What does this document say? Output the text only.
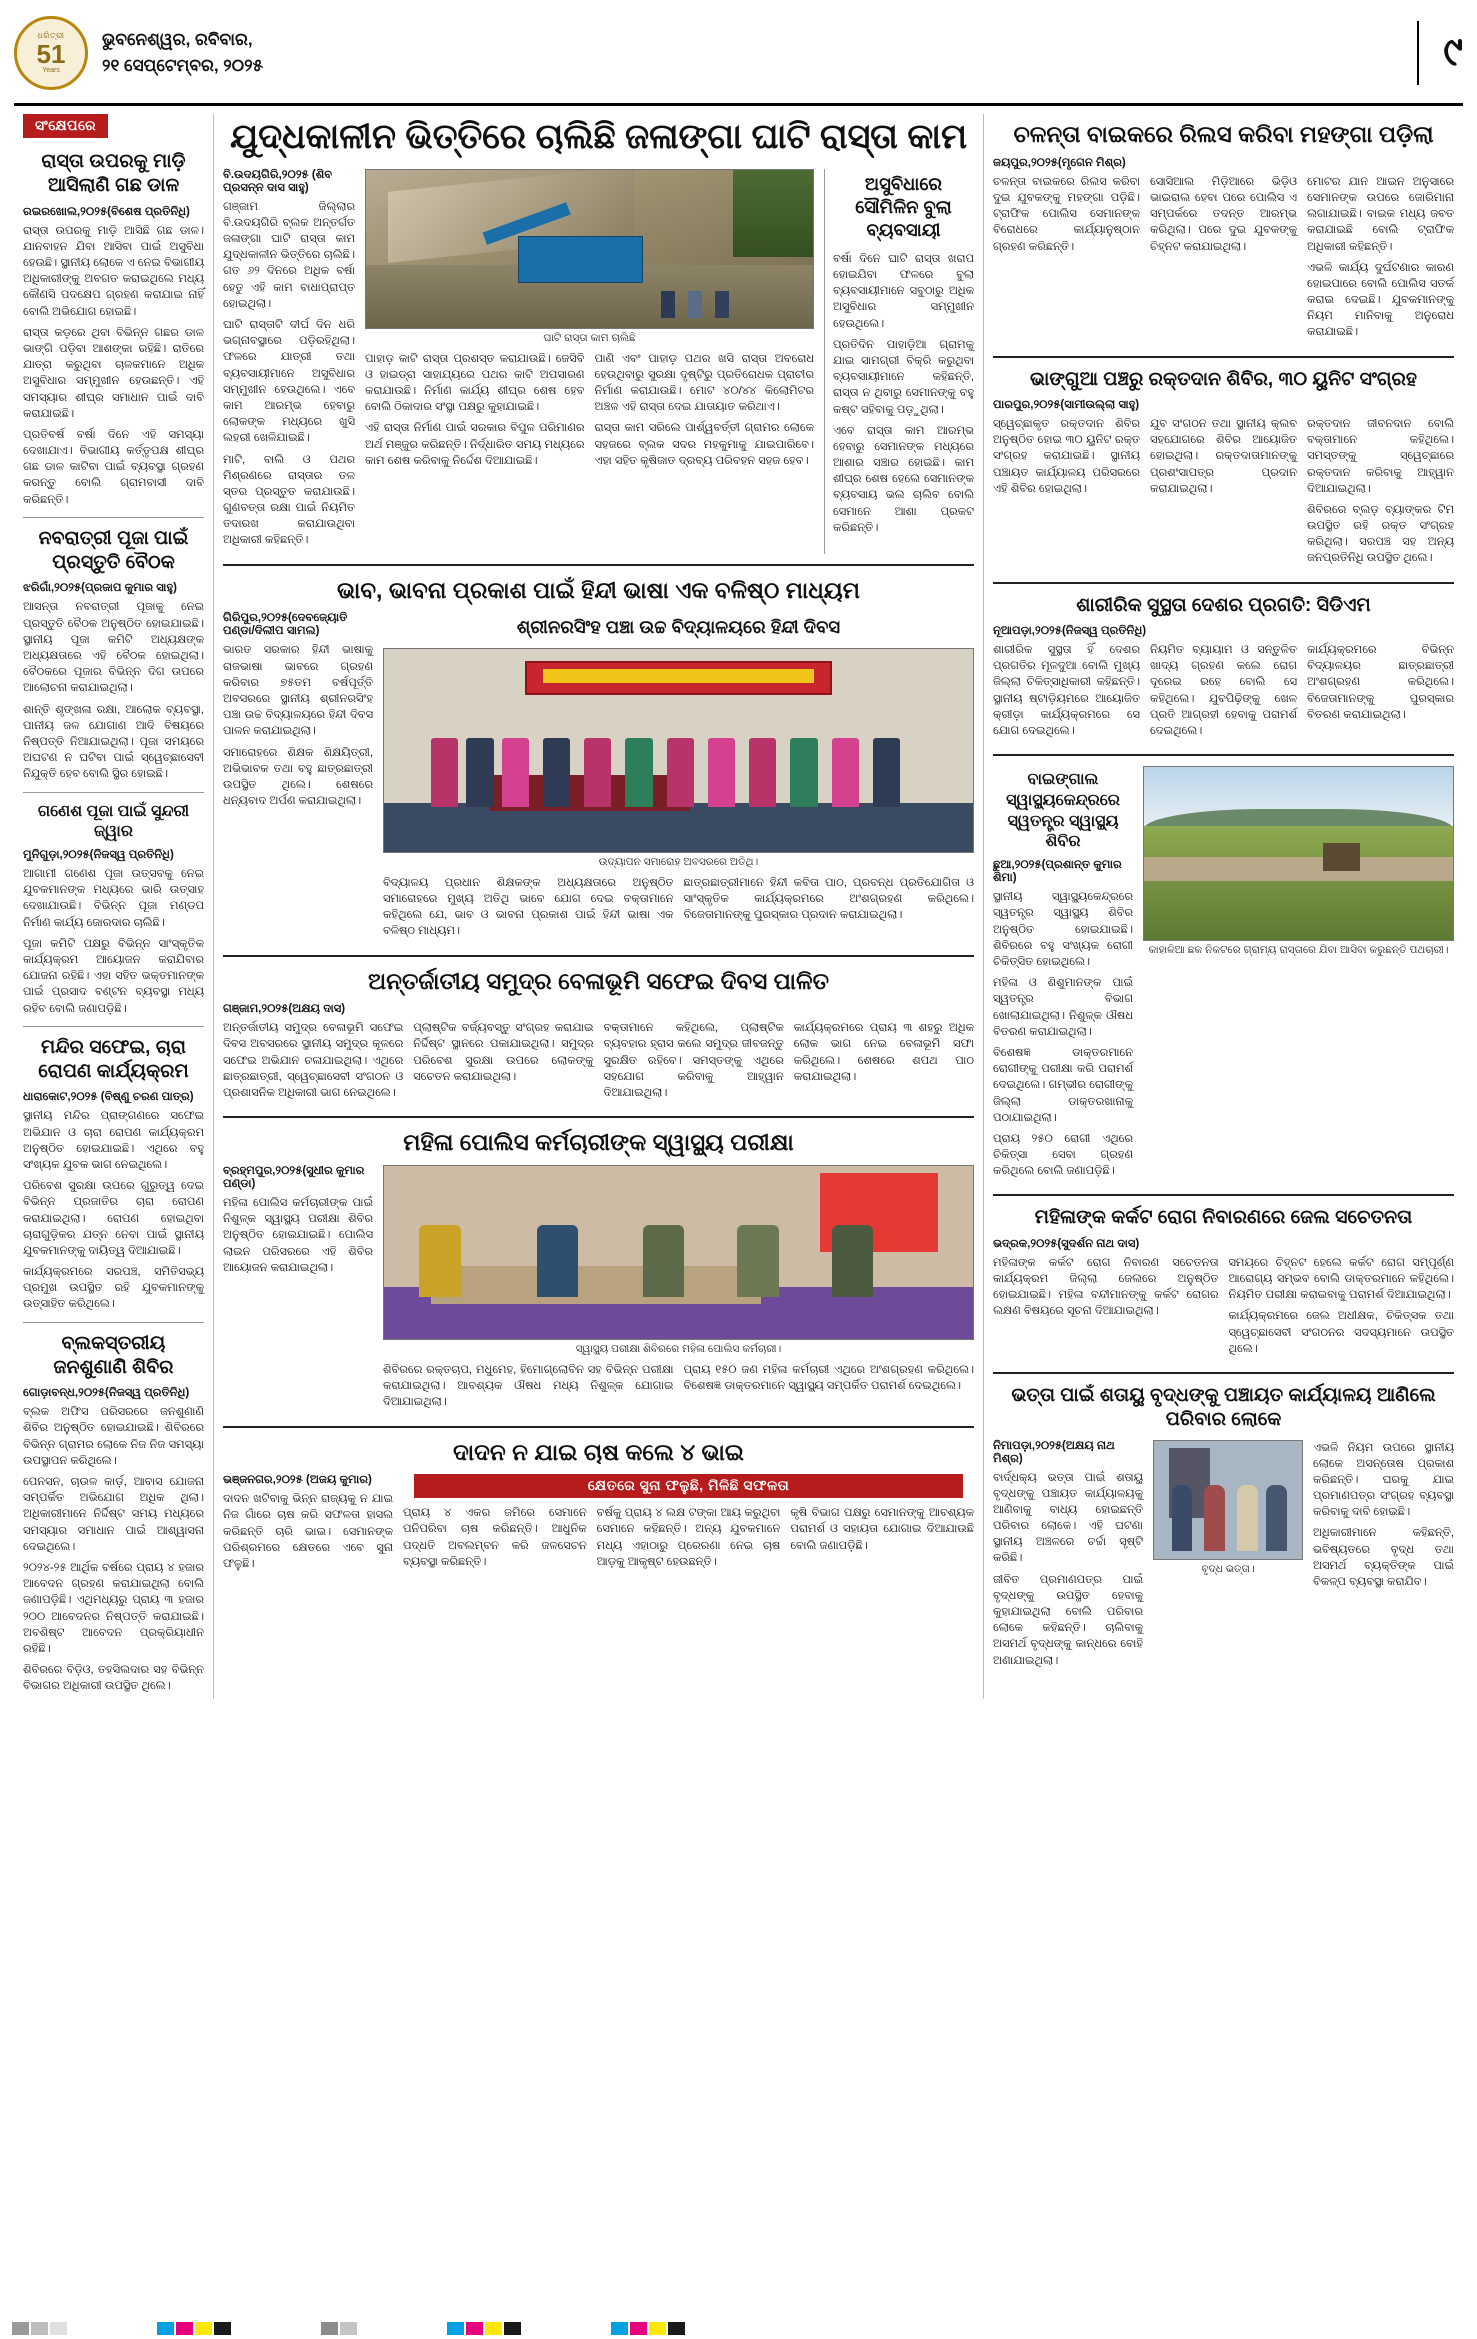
ଧରିତ୍ରୀ
51
Years
ଭୁବନେଶ୍ୱର, ରବିବାର,
୨୧ ସେପ୍ଟେମ୍ବର, ୨୦୨୫	୯
ସଂକ୍ଷେପରେ
ରାସ୍ତା ଉପରକୁ ମାଡ଼ି ଆସିଲାଣି ଗଛ ଡାଳ
ରଇରଖୋଲ,୨୦୨୫(ବିଶେଷ ପ୍ରତିନିଧି)

ରାସ୍ତା ଉପରକୁ ମାଡ଼ି ଆସିଛି ଗଛ ଡାଳ। ଯାନବାହନ ଯିବା ଆସିବା ପାଇଁ ଅସୁବିଧା ହେଉଛି। ସ୍ଥାନୀୟ ଲୋକେ ଏ ନେଇ ବିଭାଗୀୟ ଅଧିକାରୀଙ୍କୁ ଅବଗତ କରାଇଥିଲେ ମଧ୍ୟ କୌଣସି ପଦକ୍ଷେପ ଗ୍ରହଣ କରାଯାଇ ନାହିଁ ବୋଲି ଅଭିଯୋଗ ହୋଇଛି।

ରାସ୍ତା କଡ଼ରେ ଥିବା ବିଭିନ୍ନ ଗଛର ଡାଳ ଭାଙ୍ଗି ପଡ଼ିବା ଆଶଙ୍କା ରହିଛି। ରାତିରେ ଯାତ୍ରା କରୁଥିବା ଚାଳକମାନେ ଅଧିକ ଅସୁବିଧାର ସମ୍ମୁଖୀନ ହେଉଛନ୍ତି। ଏହି ସମସ୍ୟାର ଶୀଘ୍ର ସମାଧାନ ପାଇଁ ଦାବି କରାଯାଇଛି।

ପ୍ରତିବର୍ଷ ବର୍ଷା ଦିନେ ଏହି ସମସ୍ୟା ଦେଖାଯାଏ। ବିଭାଗୀୟ କର୍ତ୍ତୃପକ୍ଷ ଶୀଘ୍ର ଗଛ ଡାଳ କାଟିବା ପାଇଁ ବ୍ୟବସ୍ଥା ଗ୍ରହଣ କରନ୍ତୁ ବୋଲି ଗ୍ରାମବାସୀ ଦାବି କରିଛନ୍ତି।

ନବରାତ୍ରୀ ପୂଜା ପାଇଁ ପ୍ରସ୍ତୁତି ବୈଠକ
ଝରିଗାଁ,୨୦୨୫(ପ୍ରଜାପ କୁମାର ସାହୁ)

ଆସନ୍ତା ନବରାତ୍ରୀ ପୂଜାକୁ ନେଇ ପ୍ରସ୍ତୁତି ବୈଠକ ଅନୁଷ୍ଠିତ ହୋଇଯାଇଛି। ସ୍ଥାନୀୟ ପୂଜା କମିଟି ଅଧ୍ୟକ୍ଷଙ୍କ ଅଧ୍ୟକ୍ଷତାରେ ଏହି ବୈଠକ ହୋଇଥିଲା। ବୈଠକରେ ପୂଜାର ବିଭିନ୍ନ ଦିଗ ଉପରେ ଆଲୋଚନା କରାଯାଇଥିଲା।

ଶାନ୍ତି ଶୃଙ୍ଖଳା ରକ୍ଷା, ଆଲୋକ ବ୍ୟବସ୍ଥା, ପାନୀୟ ଜଳ ଯୋଗାଣ ଆଦି ବିଷୟରେ ନିଷ୍ପତ୍ତି ନିଆଯାଇଥିଲା। ପୂଜା ସମୟରେ ଅଘଟଣ ନ ଘଟିବା ପାଇଁ ସ୍ୱେଚ୍ଛାସେବୀ ନିଯୁକ୍ତି ହେବ ବୋଲି ସ୍ଥିର ହୋଇଛି।

ଗଣେଶ ପୂଜା ପାଇଁ ସୁନ୍ଦରୀ ଜ୍ୱାର
ମୁନିଗୁଡ଼ା,୨୦୨୫(ନିଜସ୍ୱ ପ୍ରତିନିଧି)

ଆଗାମୀ ଗଣେଶ ପୂଜା ଉତ୍ସବକୁ ନେଇ ଯୁବକମାନଙ୍କ ମଧ୍ୟରେ ଭାରି ଉତ୍ସାହ ଦେଖାଯାଉଛି। ବିଭିନ୍ନ ପୂଜା ମଣ୍ଡପ ନିର୍ମାଣ କାର୍ଯ୍ୟ ଜୋରଦାର ଚାଲିଛି।

ପୂଜା କମିଟି ପକ୍ଷରୁ ବିଭିନ୍ନ ସାଂସ୍କୃତିକ କାର୍ଯ୍ୟକ୍ରମ ଆୟୋଜନ କରାଯିବାର ଯୋଜନା ରହିଛି। ଏହା ସହିତ ଭକ୍ତମାନଙ୍କ ପାଇଁ ପ୍ରସାଦ ବଣ୍ଟନ ବ୍ୟବସ୍ଥା ମଧ୍ୟ ରହିବ ବୋଲି ଜଣାପଡ଼ିଛି।

ମନ୍ଦିର ସଫେଇ, ଚାରା ରୋପଣ କାର୍ଯ୍ୟକ୍ରମ
ଧାରାକୋଟ,୨୦୨୫ (ବିଷ୍ଣୁ ଚରଣ ପାତ୍ର)

ସ୍ଥାନୀୟ ମନ୍ଦିର ପ୍ରାଙ୍ଗଣରେ ସଫେଇ ଅଭିଯାନ ଓ ଚାରା ରୋପଣ କାର୍ଯ୍ୟକ୍ରମ ଅନୁଷ୍ଠିତ ହୋଇଯାଇଛି। ଏଥିରେ ବହୁ ସଂଖ୍ୟକ ଯୁବକ ଭାଗ ନେଇଥିଲେ।

ପରିବେଶ ସୁରକ୍ଷା ଉପରେ ଗୁରୁତ୍ୱ ଦେଇ ବିଭିନ୍ନ ପ୍ରଜାତିର ଚାରା ରୋପଣ କରାଯାଇଥିଲା। ରୋପଣ ହୋଇଥିବା ଚାରାଗୁଡ଼ିକର ଯତ୍ନ ନେବା ପାଇଁ ସ୍ଥାନୀୟ ଯୁବକମାନଙ୍କୁ ଦାୟିତ୍ୱ ଦିଆଯାଇଛି।

କାର୍ଯ୍ୟକ୍ରମରେ ସରପଞ୍ଚ, ସମିତିସଭ୍ୟ ପ୍ରମୁଖ ଉପସ୍ଥିତ ରହି ଯୁବକମାନଙ୍କୁ ଉତ୍ସାହିତ କରିଥିଲେ।

ବ୍ଲକସ୍ତରୀୟ ଜନଶୁଣାଣି ଶିବିର
ଗୋଡ଼ାବନ୍ଧ,୨୦୨୫(ନିଜସ୍ୱ ପ୍ରତିନିଧି)

ବ୍ଲକ ଅଫିସ ପରିସରରେ ଜନଶୁଣାଣି ଶିବିର ଅନୁଷ୍ଠିତ ହୋଇଯାଇଛି। ଶିବିରରେ ବିଭିନ୍ନ ଗ୍ରାମର ଲୋକେ ନିଜ ନିଜ ସମସ୍ୟା ଉପସ୍ଥାପନ କରିଥିଲେ।

ପେନସନ, ଚାଉଳ କାର୍ଡ଼, ଆବାସ ଯୋଜନା ସମ୍ପର୍କିତ ଅଭିଯୋଗ ଅଧିକ ଥିଲା। ଅଧିକାରୀମାନେ ନିର୍ଦ୍ଦିଷ୍ଟ ସମୟ ମଧ୍ୟରେ ସମସ୍ୟାର ସମାଧାନ ପାଇଁ ଆଶ୍ୱାସନା ଦେଇଥିଲେ।

୨୦୨୪-୨୫ ଆର୍ଥିକ ବର୍ଷରେ ପ୍ରାୟ ୪ ହଜାର ଆବେଦନ ଗ୍ରହଣ କରାଯାଇଥିଲା ବୋଲି ଜଣାପଡ଼ିଛି। ଏଥିମଧ୍ୟରୁ ପ୍ରାୟ ୩ ହଜାର ୨୦୦ ଆବେଦନର ନିଷ୍ପତ୍ତି କରାଯାଇଛି। ଅବଶିଷ୍ଟ ଆବେଦନ ପ୍ରକ୍ରିୟାଧୀନ ରହିଛି।

ଶିବିରରେ ବିଡ଼ିଓ, ତହସିଲଦାର ସହ ବିଭିନ୍ନ ବିଭାଗର ଅଧିକାରୀ ଉପସ୍ଥିତ ଥିଲେ।

ଯୁଦ୍ଧକାଳୀନ ଭିତ୍ତିରେ ଚାଲିଛି ଜଳାଙ୍ଗା ଘାଟି ରାସ୍ତା କାମ
ବି.ଉଦୟଗିରି,୨୦୨୫ (ଶିବ ପ୍ରସନ୍ନ ଦାସ ସାହୁ)

ଗଞ୍ଜାମ ଜିଲ୍ଲାର ବି.ଉଦୟଗିରି ବ୍ଲକ ଅନ୍ତର୍ଗତ ଜଳାଙ୍ଗା ଘାଟି ରାସ୍ତା କାମ ଯୁଦ୍ଧକାଳୀନ ଭିତ୍ତିରେ ଚାଲିଛି। ଗତ ୬୨ ଦିନରେ ଅଧିକ ବର୍ଷା ହେତୁ ଏହି କାମ ବାଧାପ୍ରାପ୍ତ ହୋଇଥିଲା।

ଘାଟି ରାସ୍ତାଟି ଦୀର୍ଘ ଦିନ ଧରି ଭଗ୍ନାବସ୍ଥାରେ ପଡ଼ିରହିଥିଲା। ଫଳରେ ଯାତ୍ରୀ ତଥା ବ୍ୟବସାୟୀମାନେ ଅସୁବିଧାର ସମ୍ମୁଖୀନ ହେଉଥିଲେ। ଏବେ କାମ ଆରମ୍ଭ ହେବାରୁ ଲୋକଙ୍କ ମଧ୍ୟରେ ଖୁସି ଲହରୀ ଖେଳିଯାଇଛି।

ମାଟି, ବାଲି ଓ ପଥର ମିଶ୍ରଣରେ ରାସ୍ତାର ତଳ ସ୍ତର ପ୍ରସ୍ତୁତ କରାଯାଉଛି। ଗୁଣବତ୍ତା ରକ୍ଷା ପାଇଁ ନିୟମିତ ତଦାରଖ କରାଯାଉଥିବା ଅଧିକାରୀ କହିଛନ୍ତି।

ଘାଟି ରାସ୍ତା କାମ ଚାଲିଛି

ପାହାଡ଼ କାଟି ରାସ୍ତା ପ୍ରଶସ୍ତ କରାଯାଉଛି। ଜେସିବି ଓ ହାଇଡ୍ରା ସାହାଯ୍ୟରେ ପଥର କାଟି ଅପସାରଣ କରାଯାଉଛି। ନିର୍ମାଣ କାର୍ଯ୍ୟ ଶୀଘ୍ର ଶେଷ ହେବ ବୋଲି ଠିକାଦାର ସଂସ୍ଥା ପକ୍ଷରୁ କୁହାଯାଇଛି।

ଏହି ରାସ୍ତା ନିର୍ମାଣ ପାଇଁ ସରକାର ବିପୁଳ ପରିମାଣର ଅର୍ଥ ମଞ୍ଜୁର କରିଛନ୍ତି। ନିର୍ଦ୍ଧାରିତ ସମୟ ମଧ୍ୟରେ କାମ ଶେଷ କରିବାକୁ ନିର୍ଦ୍ଦେଶ ଦିଆଯାଇଛି।

ପାଣି ଏବଂ ପାହାଡ଼ ପଥର ଖସି ରାସ୍ତା ଅବରୋଧ ହେଉଥିବାରୁ ସୁରକ୍ଷା ଦୃଷ୍ଟିରୁ ପ୍ରତିରୋଧକ ପ୍ରାଚୀର ନିର୍ମାଣ କରାଯାଉଛି। ମୋଟ ୪୦/୪୪ କିଲୋମିଟର ଅଞ୍ଚଳ ଏହି ରାସ୍ତା ଦେଇ ଯାତାୟାତ କରିଥାଏ।

ରାସ୍ତା କାମ ସରିଲେ ପାର୍ଶ୍ୱବର୍ତ୍ତୀ ଗ୍ରାମର ଲୋକେ ସହଜରେ ବ୍ଲକ ସଦର ମହକୁମାକୁ ଯାଇପାରିବେ। ଏହା ସହିତ କୃଷିଜାତ ଦ୍ରବ୍ୟ ପରିବହନ ସହଜ ହେବ।

ଅସୁବିଧାରେ ସୌମିଳିନ ବୁଲା ବ୍ୟବସାୟୀ

ବର୍ଷା ଦିନେ ଘାଟି ରାସ୍ତା ଖରାପ ହୋଇଯିବା ଫଳରେ ବୁଲା ବ୍ୟବସାୟୀମାନେ ସବୁଠାରୁ ଅଧିକ ଅସୁବିଧାର ସମ୍ମୁଖୀନ ହେଉଥିଲେ।

ପ୍ରତିଦିନ ପାହାଡ଼ିଆ ଗ୍ରାମକୁ ଯାଇ ସାମଗ୍ରୀ ବିକ୍ରି କରୁଥିବା ବ୍ୟବସାୟୀମାନେ କହିଛନ୍ତି, ରାସ୍ତା ନ ଥିବାରୁ ସେମାନଙ୍କୁ ବହୁ କଷ୍ଟ ସହିବାକୁ ପଡ଼ୁଥିଲା।

ଏବେ ରାସ୍ତା କାମ ଆରମ୍ଭ ହେବାରୁ ସେମାନଙ୍କ ମଧ୍ୟରେ ଆଶାର ସଞ୍ଚାର ହୋଇଛି। କାମ ଶୀଘ୍ର ଶେଷ ହେଲେ ସେମାନଙ୍କ ବ୍ୟବସାୟ ଭଲ ଚାଲିବ ବୋଲି ସେମାନେ ଆଶା ପ୍ରକଟ କରିଛନ୍ତି।

ଭାବ, ଭାବନା ପ୍ରକାଶ ପାଇଁ ହିନ୍ଦୀ ଭାଷା ଏକ ବଳିଷ୍ଠ ମାଧ୍ୟମ
ଗିରିପୁର,୨୦୨୫(ଦେବଜ୍ୟୋତି ପଣ୍ଡା/ଦିଲୀପ ସାମଲ)

ଭାରତ ସରକାର ହିନ୍ଦୀ ଭାଷାକୁ ରାଜଭାଷା ଭାବରେ ଗ୍ରହଣ କରିବାର ୭୫ତମ ବର୍ଷପୂର୍ତ୍ତି ଅବସରରେ ସ୍ଥାନୀୟ ଶ୍ରୀନରସିଂହ ପଞ୍ଚା ଉଚ୍ଚ ବିଦ୍ୟାଳୟରେ ହିନ୍ଦୀ ଦିବସ ପାଳନ କରାଯାଇଥିଲା।

ସମାରୋହରେ ଶିକ୍ଷକ ଶିକ୍ଷୟିତ୍ରୀ, ଅଭିଭାବକ ତଥା ବହୁ ଛାତ୍ରଛାତ୍ରୀ ଉପସ୍ଥିତ ଥିଲେ। ଶେଷରେ ଧନ୍ୟବାଦ ଅର୍ପଣ କରାଯାଇଥିଲା।

ଶ୍ରୀନରସିଂହ ପଞ୍ଚା ଉଚ୍ଚ ବିଦ୍ୟାଳୟରେ ହିନ୍ଦୀ ଦିବସ
ଉଦ୍ୟାପନ ସମାରୋହ ଅବସରରେ ଅତିଥି।

ବିଦ୍ୟାଳୟ ପ୍ରଧାନ ଶିକ୍ଷକଙ୍କ ଅଧ୍ୟକ୍ଷତାରେ ଅନୁଷ୍ଠିତ ସମାରୋହରେ ମୁଖ୍ୟ ଅତିଥି ଭାବେ ଯୋଗ ଦେଇ ବକ୍ତାମାନେ କହିଥିଲେ ଯେ, ଭାବ ଓ ଭାବନା ପ୍ରକାଶ ପାଇଁ ହିନ୍ଦୀ ଭାଷା ଏକ ବଳିଷ୍ଠ ମାଧ୍ୟମ।

ଛାତ୍ରଛାତ୍ରୀମାନେ ହିନ୍ଦୀ କବିତା ପାଠ, ପ୍ରବନ୍ଧ ପ୍ରତିଯୋଗିତା ଓ ସାଂସ୍କୃତିକ କାର୍ଯ୍ୟକ୍ରମରେ ଅଂଶଗ୍ରହଣ କରିଥିଲେ। ବିଜେତାମାନଙ୍କୁ ପୁରସ୍କାର ପ୍ରଦାନ କରାଯାଇଥିଲା।

ଅନ୍ତର୍ଜାତୀୟ ସମୁଦ୍ର ବେଳାଭୂମି ସଫେଇ ଦିବସ ପାଳିତ
ଗଞ୍ଜାମ,୨୦୨୫(ଅକ୍ଷୟ ଦାସ)

ଅନ୍ତର୍ଜାତୀୟ ସମୁଦ୍ର ବେଳାଭୂମି ସଫେଇ ଦିବସ ଅବସରରେ ସ୍ଥାନୀୟ ସମୁଦ୍ର କୂଳରେ ସଫେଇ ଅଭିଯାନ ଚଳାଯାଇଥିଲା। ଏଥିରେ ଛାତ୍ରଛାତ୍ରୀ, ସ୍ୱେଚ୍ଛାସେବୀ ସଂଗଠନ ଓ ପ୍ରଶାସନିକ ଅଧିକାରୀ ଭାଗ ନେଇଥିଲେ।

ପ୍ଲାଷ୍ଟିକ ବର୍ଜ୍ୟବସ୍ତୁ ସଂଗ୍ରହ କରାଯାଇ ନିର୍ଦ୍ଦିଷ୍ଟ ସ୍ଥାନରେ ପକାଯାଇଥିଲା। ସମୁଦ୍ର ପରିବେଶ ସୁରକ୍ଷା ଉପରେ ଲୋକଙ୍କୁ ସଚେତନ କରାଯାଇଥିଲା।

ବକ୍ତାମାନେ କହିଥିଲେ, ପ୍ଲାଷ୍ଟିକ ବ୍ୟବହାର ହ୍ରାସ କଲେ ସମୁଦ୍ର ଜୀବଜନ୍ତୁ ସୁରକ୍ଷିତ ରହିବେ। ସମସ୍ତଙ୍କୁ ଏଥିରେ ସହଯୋଗ କରିବାକୁ ଆହ୍ୱାନ ଦିଆଯାଇଥିଲା।

କାର୍ଯ୍ୟକ୍ରମରେ ପ୍ରାୟ ୩ ଶହରୁ ଅଧିକ ଲୋକ ଭାଗ ନେଇ ବେଳାଭୂମି ସଫା କରିଥିଲେ। ଶେଷରେ ଶପଥ ପାଠ କରାଯାଇଥିଲା।

ମହିଳା ପୋଲିସ କର୍ମଚାରୀଙ୍କ ସ୍ୱାସ୍ଥ୍ୟ ପରୀକ୍ଷା
ବ୍ରହ୍ମପୁର,୨୦୨୫(ସୁଧୀର କୁମାର ପଣ୍ଡା)

ମହିଳା ପୋଲିସ କର୍ମଚାରୀଙ୍କ ପାଇଁ ନିଶୁଳ୍କ ସ୍ୱାସ୍ଥ୍ୟ ପରୀକ୍ଷା ଶିବିର ଅନୁଷ୍ଠିତ ହୋଇଯାଇଛି। ପୋଲିସ ଲାଇନ ପରିସରରେ ଏହି ଶିବିର ଆୟୋଜନ କରାଯାଇଥିଲା।

ସ୍ୱାସ୍ଥ୍ୟ ପରୀକ୍ଷା ଶିବିରରେ ମହିଳା ପୋଲିସ କର୍ମଚାରୀ।

ଶିବିରରେ ରକ୍ତଚାପ, ମଧୁମେହ, ହିମୋଗ୍ଲୋବିନ ସହ ବିଭିନ୍ନ ପରୀକ୍ଷା କରାଯାଇଥିଲା। ଆବଶ୍ୟକ ଔଷଧ ମଧ୍ୟ ନିଶୁଳ୍କ ଯୋଗାଇ ଦିଆଯାଇଥିଲା।

ପ୍ରାୟ ୧୫୦ ଜଣ ମହିଳା କର୍ମଚାରୀ ଏଥିରେ ଅଂଶଗ୍ରହଣ କରିଥିଲେ। ବିଶେଷଜ୍ଞ ଡାକ୍ତରମାନେ ସ୍ୱାସ୍ଥ୍ୟ ସମ୍ପର୍କିତ ପରାମର୍ଶ ଦେଇଥିଲେ।

ଦାଦନ ନ ଯାଇ ଚାଷ କଲେ ୪ ଭାଇ
ଭଞ୍ଜନଗର,୨୦୨୫ (ଅଜୟ କୁମାର)

ଦାଦନ ଖଟିବାକୁ ଭିନ୍ନ ରାଜ୍ୟକୁ ନ ଯାଇ ନିଜ ଗାଁରେ ଚାଷ କରି ସଫଳତା ହାସଲ କରିଛନ୍ତି ଚାରି ଭାଇ। ସେମାନଙ୍କ ପରିଶ୍ରମରେ କ୍ଷେତରେ ଏବେ ସୁନା ଫଳୁଛି।

କ୍ଷେତରେ ସୁନା ଫଳୁଛି, ମିଳିଛି ସଫଳତା

ପ୍ରାୟ ୪ ଏକର ଜମିରେ ସେମାନେ ପନିପରିବା ଚାଷ କରିଛନ୍ତି। ଆଧୁନିକ ପଦ୍ଧତି ଅବଲମ୍ବନ କରି ଜଳସେଚନ ବ୍ୟବସ୍ଥା କରିଛନ୍ତି।

ବର୍ଷକୁ ପ୍ରାୟ ୪ ଲକ୍ଷ ଟଙ୍କା ଆୟ କରୁଥିବା ସେମାନେ କହିଛନ୍ତି। ଅନ୍ୟ ଯୁବକମାନେ ମଧ୍ୟ ଏହାଠାରୁ ପ୍ରେରଣା ନେଇ ଚାଷ ଆଡ଼କୁ ଆକୃଷ୍ଟ ହେଉଛନ୍ତି।

କୃଷି ବିଭାଗ ପକ୍ଷରୁ ସେମାନଙ୍କୁ ଆବଶ୍ୟକ ପରାମର୍ଶ ଓ ସହାୟତା ଯୋଗାଇ ଦିଆଯାଉଛି ବୋଲି ଜଣାପଡ଼ିଛି।

ଚଳନ୍ତା ବାଇକରେ ରିଲସ କରିବା ମହଙ୍ଗା ପଡ଼ିଲା
ଜୟପୁର,୨୦୨୫(ମୃଗେନ ମିଶ୍ର)

ଚଳନ୍ତା ବାଇକରେ ରିଲସ କରିବା ଦୁଇ ଯୁବକଙ୍କୁ ମହଙ୍ଗା ପଡ଼ିଛି। ଟ୍ରାଫିକ ପୋଲିସ ସେମାନଙ୍କ ବିରୋଧରେ କାର୍ଯ୍ୟାନୁଷ୍ଠାନ ଗ୍ରହଣ କରିଛନ୍ତି।

ସୋସିଆଲ ମିଡ଼ିଆରେ ଭିଡ଼ିଓ ଭାଇରାଲ ହେବା ପରେ ପୋଲିସ ଏ ସମ୍ପର୍କରେ ତଦନ୍ତ ଆରମ୍ଭ କରିଥିଲା। ପରେ ଦୁଇ ଯୁବକଙ୍କୁ ଚିହ୍ନଟ କରାଯାଇଥିଲା।

ମୋଟର ଯାନ ଆଇନ ଅନୁସାରେ ସେମାନଙ୍କ ଉପରେ ଜୋରିମାନା ଲଗାଯାଇଛି। ବାଇକ ମଧ୍ୟ ଜବତ କରାଯାଇଛି ବୋଲି ଟ୍ରାଫିକ ଅଧିକାରୀ କହିଛନ୍ତି।

ଏଭଳି କାର୍ଯ୍ୟ ଦୁର୍ଘଟଣାର କାରଣ ହୋଇପାରେ ବୋଲି ପୋଲିସ ସତର୍କ କରାଇ ଦେଇଛି। ଯୁବକମାନଙ୍କୁ ନିୟମ ମାନିବାକୁ ଅନୁରୋଧ କରାଯାଇଛି।

ଭାଙ୍ଗୁଆ ପଞ୍ଚରୁ ରକ୍ତଦାନ ଶିବିର, ୩୦ ୟୁନିଟ ସଂଗ୍ରହ
ପାରପୁର,୨୦୨୫(ସାମୀଉଲ୍ଲା ସାହୁ)

ସ୍ୱେଚ୍ଛାକୃତ ରକ୍ତଦାନ ଶିବିର ଅନୁଷ୍ଠିତ ହୋଇ ୩୦ ୟୁନିଟ ରକ୍ତ ସଂଗ୍ରହ କରାଯାଇଛି। ସ୍ଥାନୀୟ ପଞ୍ଚାୟତ କାର୍ଯ୍ୟାଳୟ ପରିସରରେ ଏହି ଶିବିର ହୋଇଥିଲା।

ଯୁବ ସଂଗଠନ ତଥା ସ୍ଥାନୀୟ କ୍ଲବ ସହଯୋଗରେ ଶିବିର ଆୟୋଜିତ ହୋଇଥିଲା। ରକ୍ତଦାତାମାନଙ୍କୁ ପ୍ରଶଂସାପତ୍ର ପ୍ରଦାନ କରାଯାଇଥିଲା।

ରକ୍ତଦାନ ଜୀବନଦାନ ବୋଲି ବକ୍ତାମାନେ କହିଥିଲେ। ସମସ୍ତଙ୍କୁ ସ୍ୱେଚ୍ଛାରେ ରକ୍ତଦାନ କରିବାକୁ ଆହ୍ୱାନ ଦିଆଯାଇଥିଲା।

ଶିବିରରେ ବ୍ଲଡ଼ ବ୍ୟାଙ୍କର ଟିମ ଉପସ୍ଥିତ ରହି ରକ୍ତ ସଂଗ୍ରହ କରିଥିଲା। ସରପଞ୍ଚ ସହ ଅନ୍ୟ ଜନପ୍ରତିନିଧି ଉପସ୍ଥିତ ଥିଲେ।

ଶାରୀରିକ ସୁସ୍ଥତା ଦେଶର ପ୍ରଗତି: ସିଡିଏମ
ନୂଆପଡ଼ା,୨୦୨୫(ନିଜସ୍ୱ ପ୍ରତିନିଧି)

ଶାରୀରିକ ସୁସ୍ଥତା ହିଁ ଦେଶର ପ୍ରଗତିର ମୂଳଦୁଆ ବୋଲି ମୁଖ୍ୟ ଜିଲ୍ଲା ଚିକିତ୍ସାଧିକାରୀ କହିଛନ୍ତି। ସ୍ଥାନୀୟ ଷ୍ଟାଡ଼ିୟମରେ ଆୟୋଜିତ କ୍ରୀଡ଼ା କାର୍ଯ୍ୟକ୍ରମରେ ସେ ଯୋଗ ଦେଇଥିଲେ।

ନିୟମିତ ବ୍ୟାୟାମ ଓ ସନ୍ତୁଳିତ ଖାଦ୍ୟ ଗ୍ରହଣ କଲେ ରୋଗ ଦୂରେଇ ରହେ ବୋଲି ସେ କହିଥିଲେ। ଯୁବପିଢ଼ିଙ୍କୁ ଖେଳ ପ୍ରତି ଆଗ୍ରହୀ ହେବାକୁ ପରାମର୍ଶ ଦେଇଥିଲେ।

କାର୍ଯ୍ୟକ୍ରମରେ ବିଭିନ୍ନ ବିଦ୍ୟାଳୟର ଛାତ୍ରଛାତ୍ରୀ ଅଂଶଗ୍ରହଣ କରିଥିଲେ। ବିଜେତାମାନଙ୍କୁ ପୁରସ୍କାର ବିତରଣ କରାଯାଇଥିଲା।

ବାଇଙ୍ଗାଲ ସ୍ୱାସ୍ଥ୍ୟକେନ୍ଦ୍ରରେ ସ୍ୱତନ୍ତ୍ର ସ୍ୱାସ୍ଥ୍ୟ ଶିବିର
ଛୁଆ,୨୦୨୫(ପ୍ରଶାନ୍ତ କୁମାର ଶିମା)

ସ୍ଥାନୀୟ ସ୍ୱାସ୍ଥ୍ୟକେନ୍ଦ୍ରରେ ସ୍ୱତନ୍ତ୍ର ସ୍ୱାସ୍ଥ୍ୟ ଶିବିର ଅନୁଷ୍ଠିତ ହୋଇଯାଇଛି। ଶିବିରରେ ବହୁ ସଂଖ୍ୟକ ରୋଗୀ ଚିକିତ୍ସିତ ହୋଇଥିଲେ।

ମହିଳା ଓ ଶିଶୁମାନଙ୍କ ପାଇଁ ସ୍ୱତନ୍ତ୍ର ବିଭାଗ ଖୋଲାଯାଇଥିଲା। ନିଶୁଳ୍କ ଔଷଧ ବିତରଣ କରାଯାଇଥିଲା।

ବିଶେଷଜ୍ଞ ଡାକ୍ତରମାନେ ରୋଗୀଙ୍କୁ ପରୀକ୍ଷା କରି ପରାମର୍ଶ ଦେଇଥିଲେ। ଗମ୍ଭୀର ରୋଗୀଙ୍କୁ ଜିଲ୍ଲା ଡାକ୍ତରଖାନାକୁ ପଠାଯାଇଥିଲା।

ପ୍ରାୟ ୨୫୦ ରୋଗୀ ଏଥିରେ ଚିକିତ୍ସା ସେବା ଗ୍ରହଣ କରିଥିଲେ ବୋଲି ଜଣାପଡ଼ିଛି।

କାହାଳିଆ ଛକ ନିକଟରେ ଗ୍ରାମ୍ୟ ରାସ୍ତାରେ ଯିବା ଆସିବା କରୁଛନ୍ତି ପଥଚାରୀ।
ମହିଳାଙ୍କ କର୍କଟ ରୋଗ ନିବାରଣରେ ଜେଲ ସଚେତନତା
ଭଦ୍ରକ,୨୦୨୫(ସୁଦର୍ଶନ ନାଥ ଦାସ)

ମହିଳାଙ୍କ କର୍କଟ ରୋଗ ନିବାରଣ ସଚେତନତା କାର୍ଯ୍ୟକ୍ରମ ଜିଲ୍ଲା ଜେଲରେ ଅନୁଷ୍ଠିତ ହୋଇଯାଇଛି। ମହିଳା ବନ୍ଦୀମାନଙ୍କୁ କର୍କଟ ରୋଗର ଲକ୍ଷଣ ବିଷୟରେ ସୂଚନା ଦିଆଯାଇଥିଲା।

ସମୟରେ ଚିହ୍ନଟ ହେଲେ କର୍କଟ ରୋଗ ସମ୍ପୂର୍ଣ୍ଣ ଆରୋଗ୍ୟ ସମ୍ଭବ ବୋଲି ଡାକ୍ତରମାନେ କହିଥିଲେ। ନିୟମିତ ପରୀକ୍ଷା କରାଇବାକୁ ପରାମର୍ଶ ଦିଆଯାଇଥିଲା।

କାର୍ଯ୍ୟକ୍ରମରେ ଜେଲ ଅଧୀକ୍ଷକ, ଚିକିତ୍ସକ ତଥା ସ୍ୱେଚ୍ଛାସେବୀ ସଂଗଠନର ସଦସ୍ୟମାନେ ଉପସ୍ଥିତ ଥିଲେ।

ଭତ୍ତା ପାଇଁ ଶତାୟୁ ବୃଦ୍ଧଙ୍କୁ ପଞ୍ଚାୟତ କାର୍ଯ୍ୟାଳୟ ଆଣିଲେ ପରିବାର ଲୋକେ
ନିମାପଡ଼ା,୨୦୨୫(ଅକ୍ଷୟ ନାଥ ମିଶ୍ର)

ବାର୍ଦ୍ଧକ୍ୟ ଭତ୍ତା ପାଇଁ ଶତାୟୁ ବୃଦ୍ଧଙ୍କୁ ପଞ୍ଚାୟତ କାର୍ଯ୍ୟାଳୟକୁ ଆଣିବାକୁ ବାଧ୍ୟ ହୋଇଛନ୍ତି ପରିବାର ଲୋକେ। ଏହି ଘଟଣା ସ୍ଥାନୀୟ ଅଞ୍ଚଳରେ ଚର୍ଚ୍ଚା ସୃଷ୍ଟି କରିଛି।

ଜୀବିତ ପ୍ରମାଣପତ୍ର ପାଇଁ ବୃଦ୍ଧଙ୍କୁ ଉପସ୍ଥିତ ହେବାକୁ କୁହାଯାଇଥିଲା ବୋଲି ପରିବାର ଲୋକେ କହିଛନ୍ତି। ଚାଲିବାକୁ ଅସମର୍ଥ ବୃଦ୍ଧଙ୍କୁ କାନ୍ଧରେ ବୋହି ଅଣାଯାଇଥିଲା।

ବୃଦ୍ଧ ଭତ୍ତା।

ଏଭଳି ନିୟମ ଉପରେ ସ୍ଥାନୀୟ ଲୋକେ ଅସନ୍ତୋଷ ପ୍ରକାଶ କରିଛନ୍ତି। ଘରକୁ ଯାଇ ପ୍ରମାଣପତ୍ର ସଂଗ୍ରହ ବ୍ୟବସ୍ଥା କରିବାକୁ ଦାବି ହୋଇଛି।

ଅଧିକାରୀମାନେ କହିଛନ୍ତି, ଭବିଷ୍ୟତରେ ବୃଦ୍ଧ ତଥା ଅସମର୍ଥ ବ୍ୟକ୍ତିଙ୍କ ପାଇଁ ବିକଳ୍ପ ବ୍ୟବସ୍ଥା କରାଯିବ।
